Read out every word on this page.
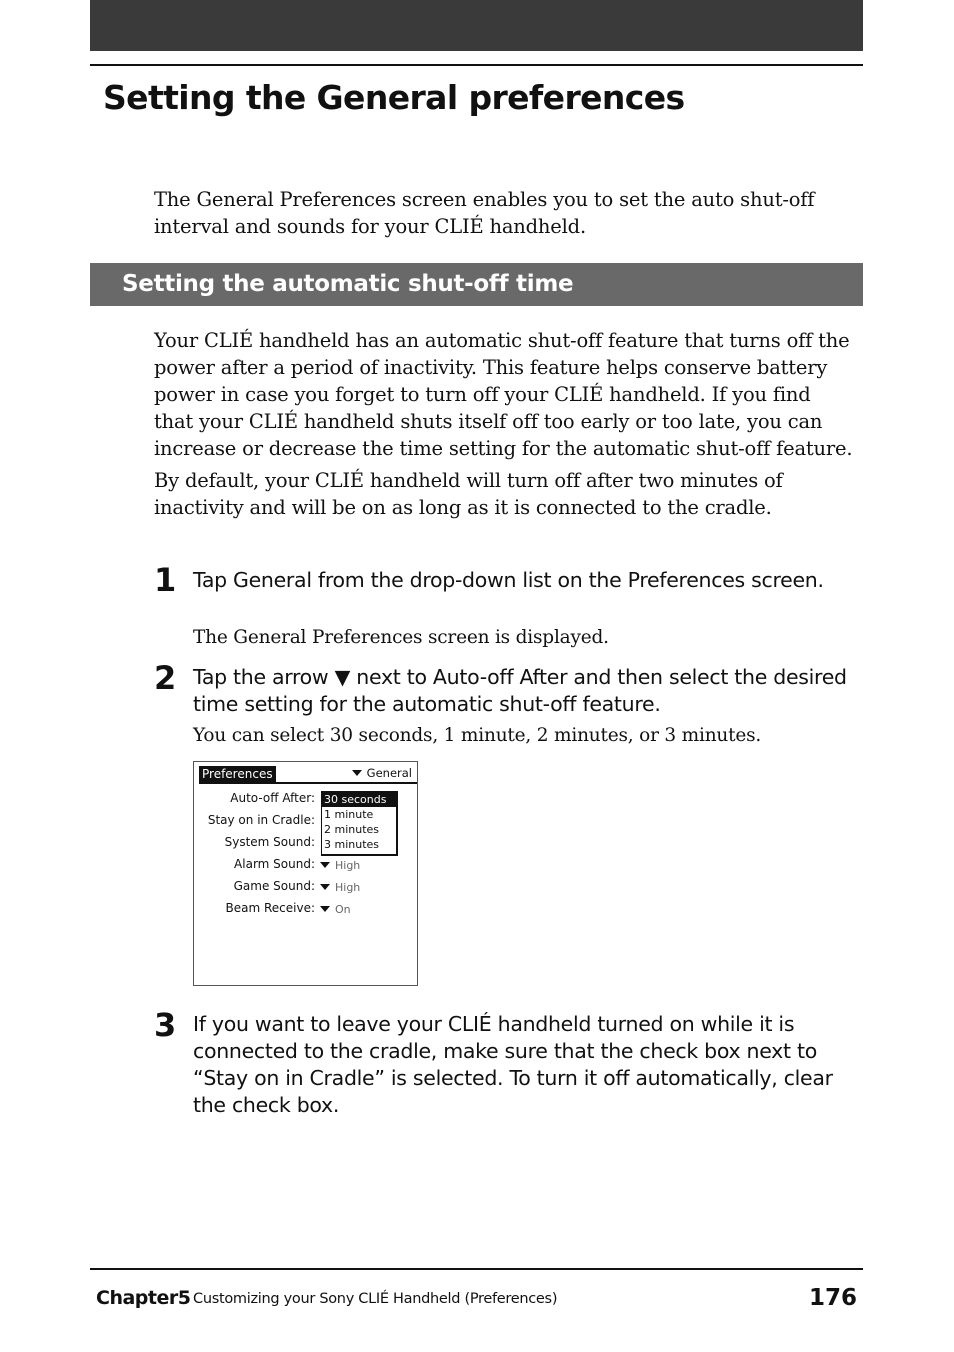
Setting the General preferences

The General Preferences screen enables you to set the auto shut-off interval and sounds for your CLIÉ handheld.

Setting the automatic shut-off time

Your CLIÉ handheld has an automatic shut-off feature that turns off the power after a period of inactivity. This feature helps conserve battery power in case you forget to turn off your CLIÉ handheld. If you find that your CLIÉ handheld shuts itself off too early or too late, you can increase or decrease the time setting for the automatic shut-off feature.

By default, your CLIÉ handheld will turn off after two minutes of inactivity and will be on as long as it is connected to the cradle.

1 Tap General from the drop-down list on the Preferences screen.

The General Preferences screen is displayed.

2 Tap the arrow ▼ next to Auto-off After and then select the desired time setting for the automatic shut-off feature.

You can select 30 seconds, 1 minute, 2 minutes, or 3 minutes.

Preferences	General
Auto-off After:
Stay on in Cradle:
System Sound:
Alarm Sound:
Game Sound:
Beam Receive:
High
High
On
30 seconds
1 minute
2 minutes
3 minutes
3 If you want to leave your CLIÉ handheld turned on while it is connected to the cradle, make sure that the check box next to “Stay on in Cradle” is selected. To turn it off automatically, clear the check box.

Chapter5 Customizing your Sony CLIÉ Handheld (Preferences)	176
